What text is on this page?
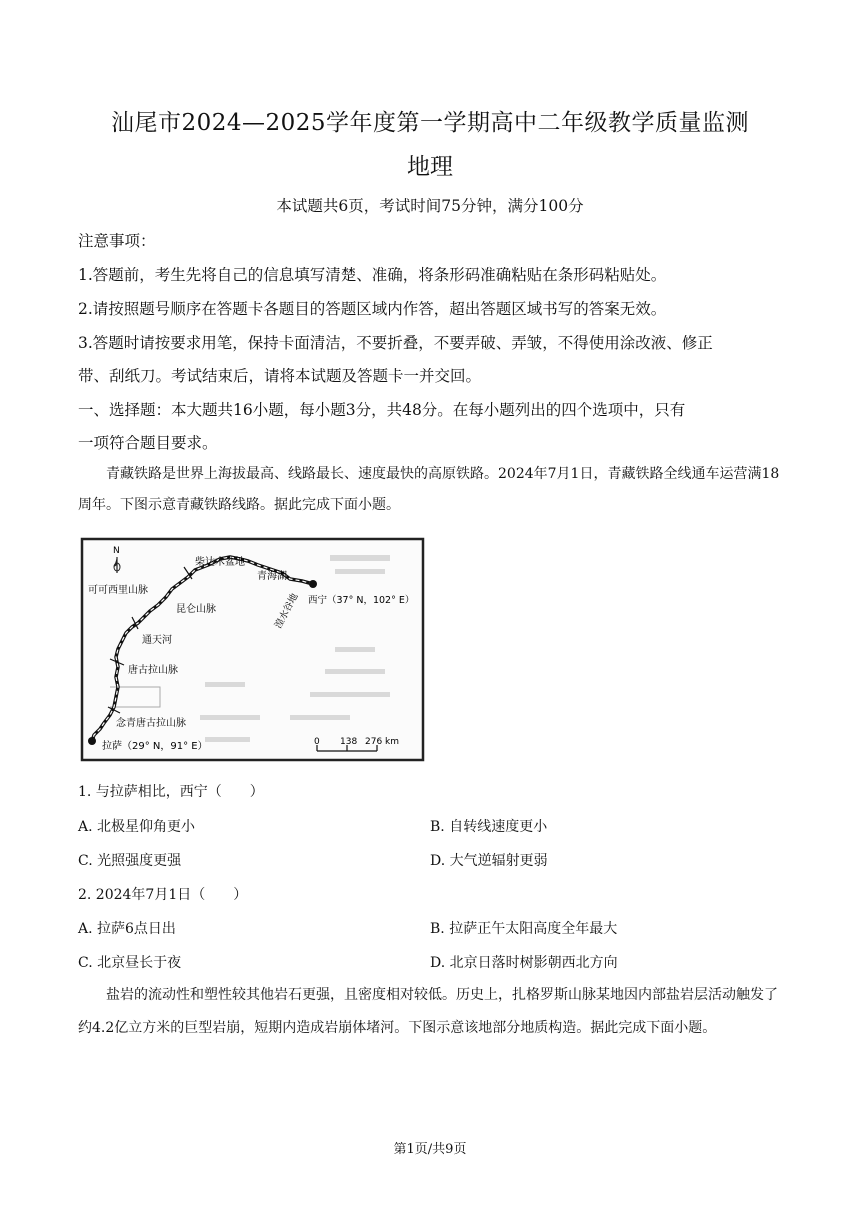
汕尾市2024—2025学年度第一学期高中二年级教学质量监测
地理
本试题共6页，考试时间75分钟，满分100分
注意事项：
1.答题前，考生先将自己的信息填写清楚、准确，将条形码准确粘贴在条形码粘贴处。
2.请按照题号顺序在答题卡各题目的答题区域内作答，超出答题区域书写的答案无效。
3.答题时请按要求用笔，保持卡面清洁，不要折叠，不要弄破、弄皱，不得使用涂改液、修正
带、刮纸刀。考试结束后，请将本试题及答题卡一并交回。
一、选择题：本大题共16小题，每小题3分，共48分。在每小题列出的四个选项中，只有
一项符合题目要求。
青藏铁路是世界上海拔最高、线路最长、速度最快的高原铁路。2024年7月1日，青藏铁路全线通车运营满18周年。下图示意青藏铁路线路。据此完成下面小题。
N
柴达木盆地
青海湖
可可西里山脉
昆仑山脉
西宁（37° N，102° E）
湟水谷地
通天河
唐古拉山脉
念青唐古拉山脉
拉萨（29° N，91° E）	0 138 276 km
1. 与拉萨相比，西宁（　　）
A. 北极星仰角更小	B. 自转线速度更小
C. 光照强度更强	D. 大气逆辐射更弱
2. 2024年7月1日（　　）
A. 拉萨6点日出	B. 拉萨正午太阳高度全年最大
C. 北京昼长于夜	D. 北京日落时树影朝西北方向
盐岩的流动性和塑性较其他岩石更强，且密度相对较低。历史上，扎格罗斯山脉某地因内部盐岩层活动触发了约4.2亿立方米的巨型岩崩，短期内造成岩崩体堵河。下图示意该地部分地质构造。据此完成下面小题。
第1页/共9页
